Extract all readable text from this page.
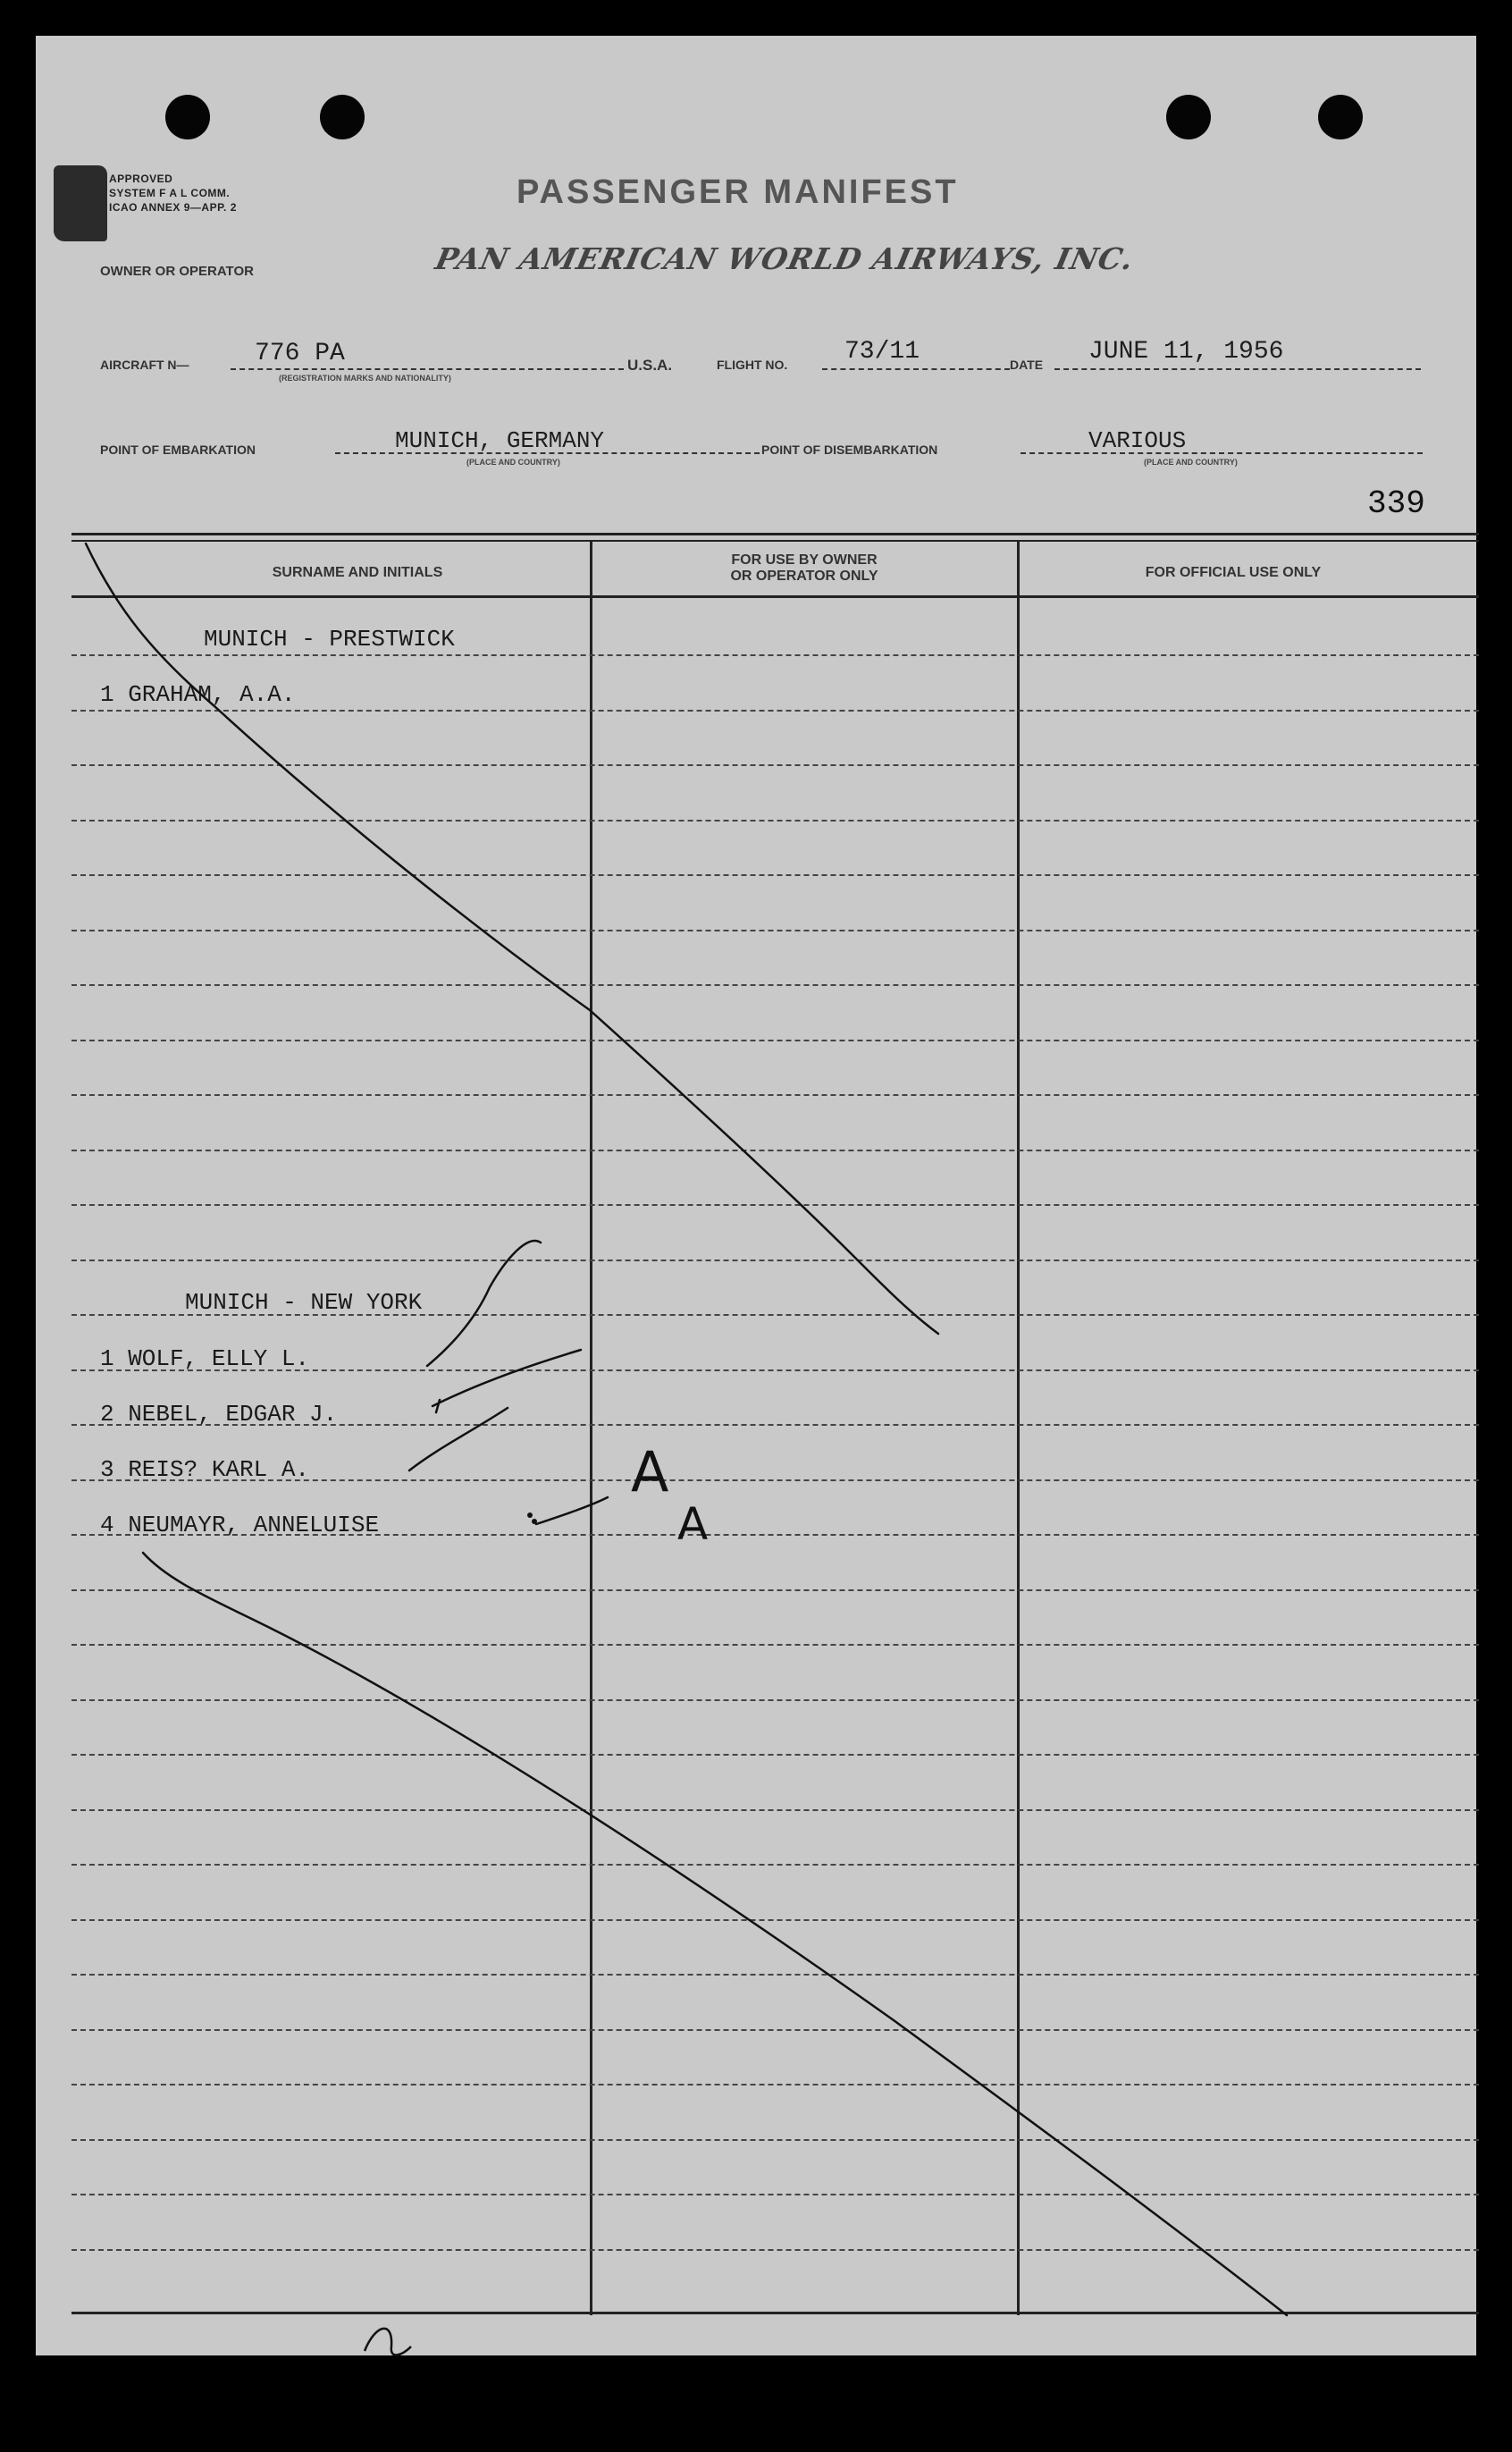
APPROVED
SYSTEM F A L COMM.
ICAO ANNEX 9—APP. 2	PASSENGER MANIFEST
OWNER OR OPERATOR	PAN AMERICAN WORLD AIRWAYS, INC.
AIRCRAFT N—	776 PA
(REGISTRATION MARKS AND NATIONALITY)
U.S.A.	FLIGHT NO. 73/11	DATE JUNE 11, 1956
POINT OF EMBARKATION	MUNICH, GERMANY
(PLACE AND COUNTRY)
POINT OF DISEMBARKATION	VARIOUS
(PLACE AND COUNTRY)
339
SURNAME AND INITIALS
FOR USE BY OWNER
OR OPERATOR ONLY	FOR OFFICIAL USE ONLY
MUNICH - PRESTWICK
1 GRAHAM, A.A.
MUNICH - NEW YORK
1 WOLF, ELLY L.
2 NEBEL, EDGAR J.
3 REIS? KARL A.
4 NEUMAYR, ANNELUISE
A
A
